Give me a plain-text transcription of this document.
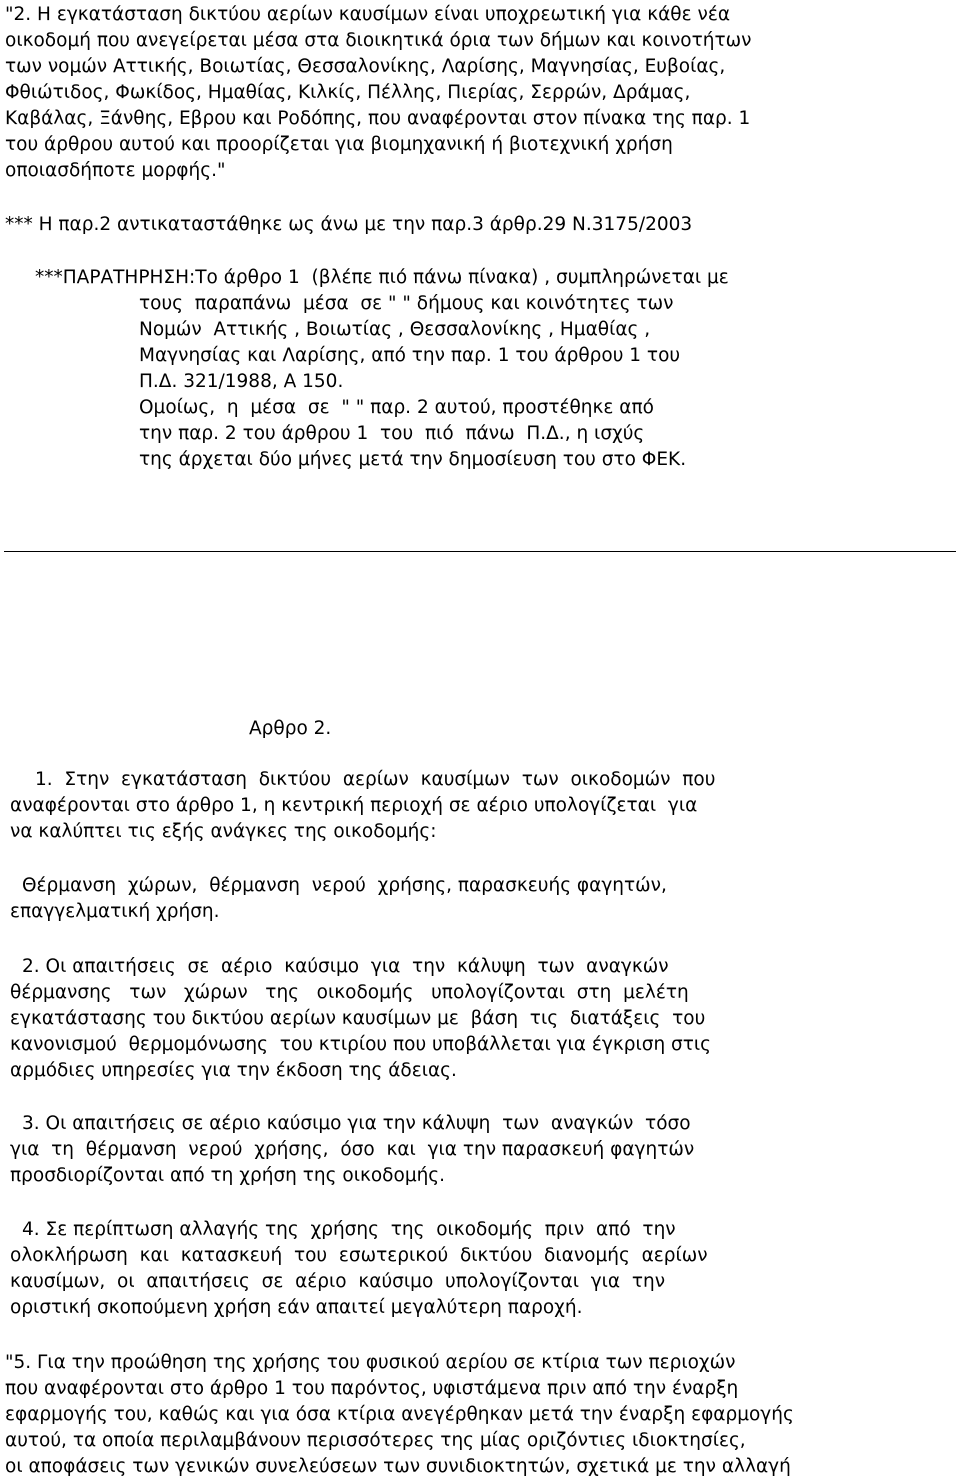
"2. Η εγκατάσταση δικτύου αερίων καυσίμων είναι υποχρεωτική για κάθε νέα
οικοδομή που ανεγείρεται μέσα στα διοικητικά όρια των δήμων και κοινοτήτων
των νομών Αττικής, Βοιωτίας, Θεσσαλονίκης, Λαρίσης, Μαγνησίας, Ευβοίας,
Φθιώτιδος, Φωκίδος, Ημαθίας, Κιλκίς, Πέλλης, Πιερίας, Σερρών, Δράμας,
Καβάλας, Ξάνθης, Εβρου και Ροδόπης, που αναφέρονται στον πίνακα της παρ. 1
του άρθρου αυτού και προορίζεται για βιομηχανική ή βιοτεχνική χρήση
οποιασδήποτε μορφής."
*** Η παρ.2 αντικαταστάθηκε ως άνω με την παρ.3 άρθρ.29 Ν.3175/2003
***ΠΑΡΑΤΗΡΗΣΗ:Το άρθρο 1  (βλέπε πιό πάνω πίνακα) , συμπληρώνεται με
τους  παραπάνω  μέσα  σε " " δήμους και κοινότητες των
Νομών  Αττικής , Βοιωτίας , Θεσσαλονίκης , Ημαθίας ,
Μαγνησίας και Λαρίσης, από την παρ. 1 του άρθρου 1 του
Π.Δ. 321/1988, Α 150.
Ομοίως,  η  μέσα  σε  " " παρ. 2 αυτού, προστέθηκε από
την παρ. 2 του άρθρου 1  του  πιό  πάνω  Π.Δ., η ισχύς
της άρχεται δύο μήνες μετά την δημοσίευση του στο ΦΕΚ.
Αρθρο 2.
1.  Στην  εγκατάσταση  δικτύου  αερίων  καυσίμων  των  οικοδομών  που
αναφέρονται στο άρθρο 1, η κεντρική περιοχή σε αέριο υπολογίζεται  για
να καλύπτει τις εξής ανάγκες της οικοδομής:
Θέρμανση  χώρων,  θέρμανση  νερού  χρήσης, παρασκευής φαγητών,
επαγγελματική χρήση.
2. Οι απαιτήσεις  σε  αέριο  καύσιμο  για  την  κάλυψη  των  αναγκών
θέρμανσης   των   χώρων   της   οικοδομής   υπολογίζονται  στη  μελέτη
εγκατάστασης του δικτύου αερίων καυσίμων με  βάση  τις  διατάξεις  του
κανονισμού  θερμομόνωσης  του κτιρίου που υποβάλλεται για έγκριση στις
αρμόδιες υπηρεσίες για την έκδοση της άδειας.
3. Οι απαιτήσεις σε αέριο καύσιμο για την κάλυψη  των  αναγκών  τόσο
για  τη  θέρμανση  νερού  χρήσης,  όσο  και  για την παρασκευή φαγητών
προσδιορίζονται από τη χρήση της οικοδομής.
4. Σε περίπτωση αλλαγής της  χρήσης  της  οικοδομής  πριν  από  την
ολοκλήρωση  και  κατασκευή  του  εσωτερικού  δικτύου  διανομής  αερίων
καυσίμων,  οι  απαιτήσεις  σε  αέριο  καύσιμο  υπολογίζονται  για  την
οριστική σκοπούμενη χρήση εάν απαιτεί μεγαλύτερη παροχή.
"5. Για την προώθηση της χρήσης του φυσικού αερίου σε κτίρια των περιοχών
που αναφέρονται στο άρθρο 1 του παρόντος, υφιστάμενα πριν από την έναρξη
εφαρμογής του, καθώς και για όσα κτίρια ανεγέρθηκαν μετά την έναρξη εφαρμογής
αυτού, τα οποία περιλαμβάνουν περισσότερες της μίας οριζόντιες ιδιοκτησίες,
οι αποφάσεις των γενικών συνελεύσεων των συνιδιοκτητών, σχετικά με την αλλαγή
